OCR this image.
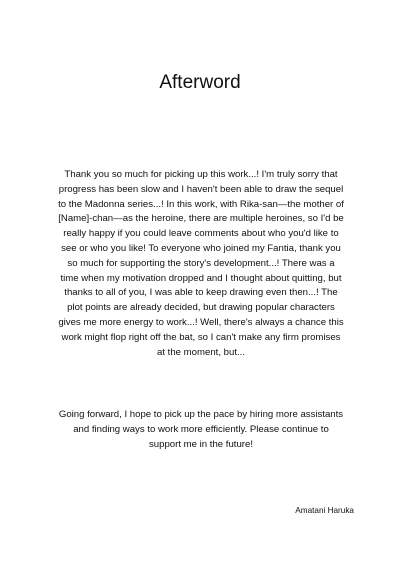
Afterword

Thank you so much for picking up this work...! I'm truly sorry that progress has been slow and I haven't been able to draw the sequel to the Madonna series...! In this work, with Rika-san—the mother of [Name]-chan—as the heroine, there are multiple heroines, so I'd be really happy if you could leave comments about who you'd like to see or who you like! To everyone who joined my Fantia, thank you so much for supporting the story's development...! There was a time when my motivation dropped and I thought about quitting, but thanks to all of you, I was able to keep drawing even then...! The plot points are already decided, but drawing popular characters gives me more energy to work...! Well, there's always a chance this work might flop right off the bat, so I can't make any firm promises at the moment, but...

Going forward, I hope to pick up the pace by hiring more assistants and finding ways to work more efficiently. Please continue to support me in the future!

Amatani Haruka
